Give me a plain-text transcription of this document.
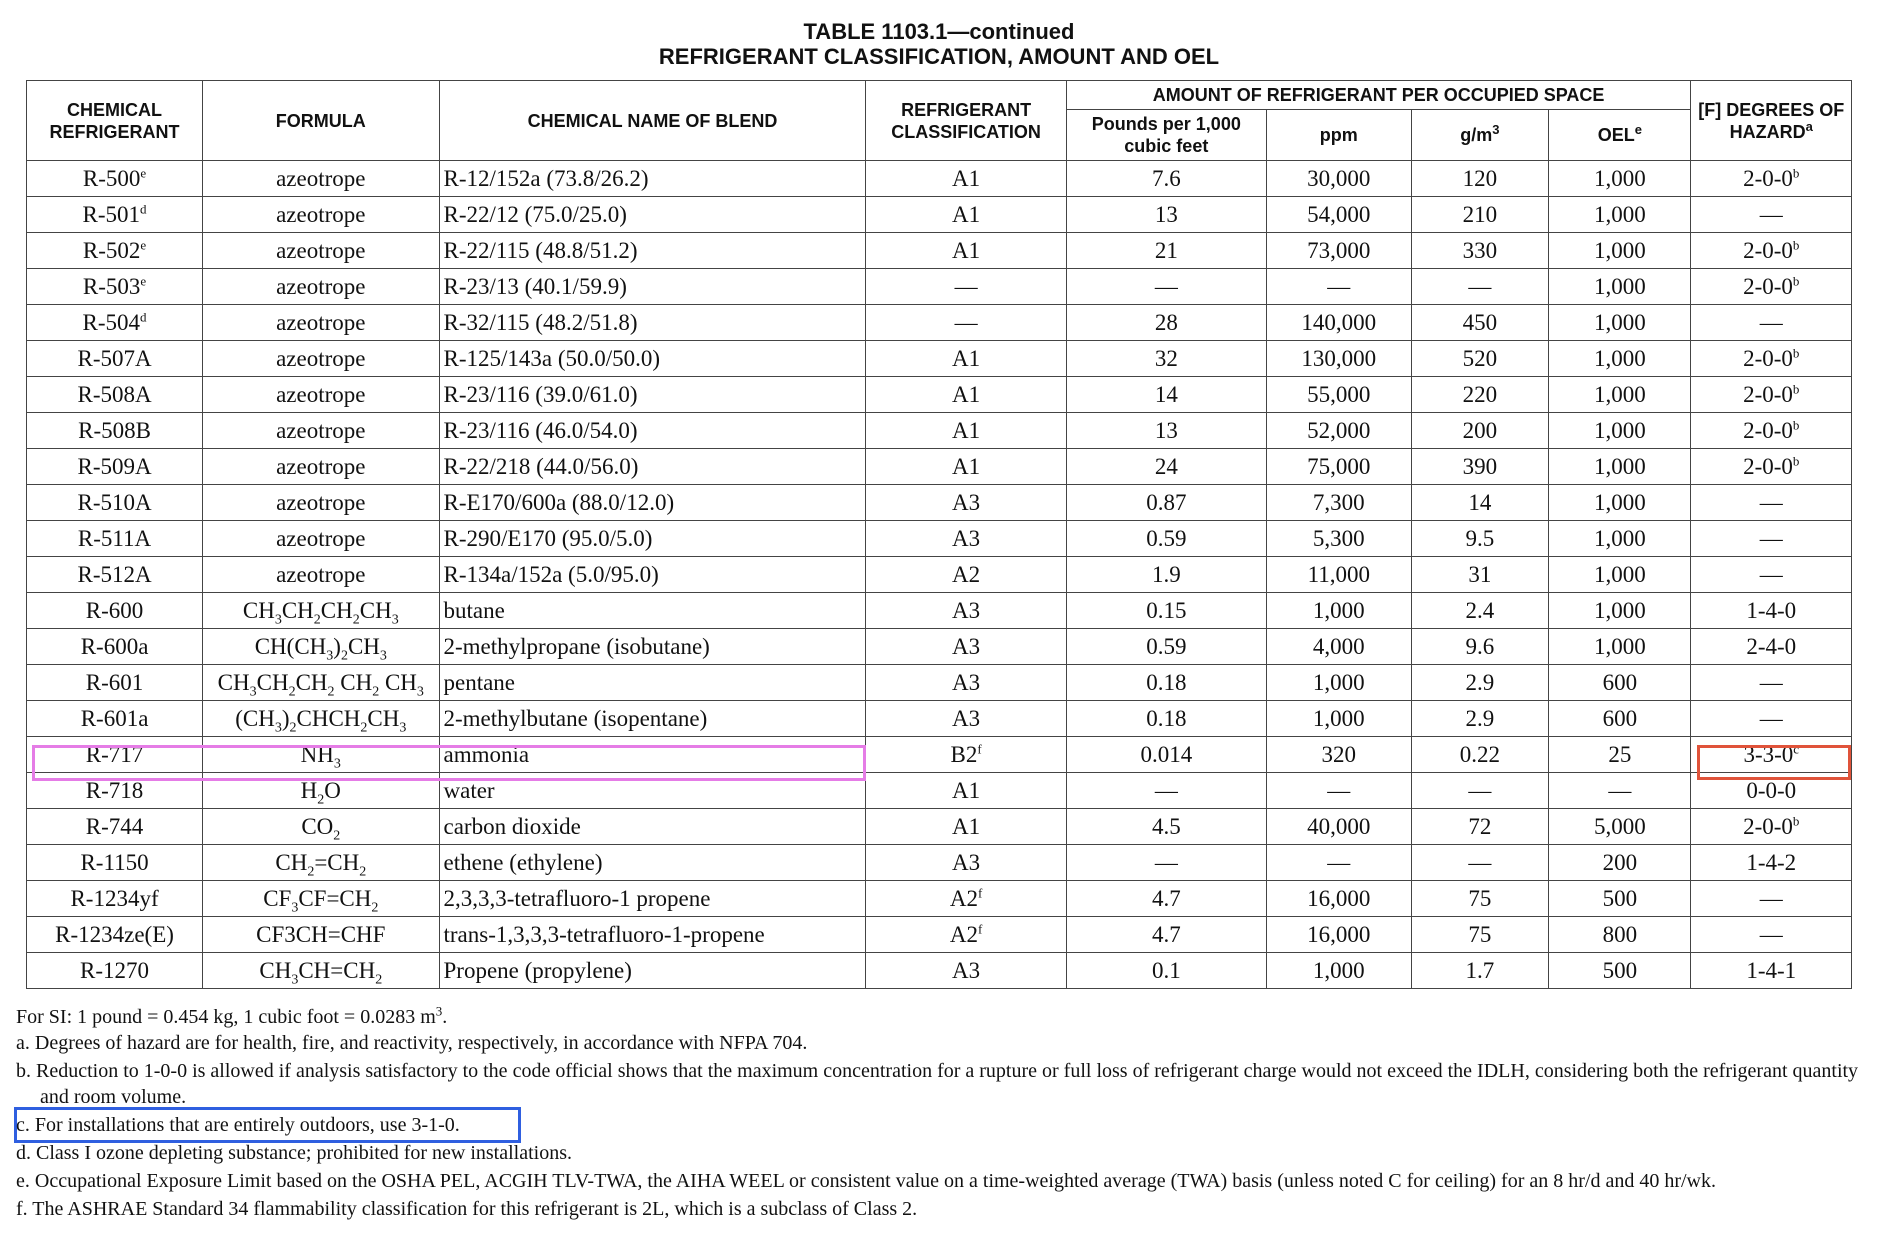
TABLE 1103.1—continued
REFRIGERANT CLASSIFICATION, AMOUNT AND OEL
CHEMICAL REFRIGERANT	FORMULA	CHEMICAL NAME OF BLEND	REFRIGERANT CLASSIFICATION	AMOUNT OF REFRIGERANT PER OCCUPIED SPACE				[F] DEGREES OF HAZARD$^a$
				Pounds per 1,000 cubic feet	ppm	$g/m^3$	OEL$^e$
R-500e	azeotrope	R-12/152a (73.8/26.2)	A1	7.6	30,000	120	1,000	2-0-0$^b$
R-501$^d$	azeotrope	R-22/12 (75.0/25.0)	A1	13	54,000	210	1,000	—
R-502e	azeotrope	R-22/115 (48.8/51.2)	A1	21	73,000	330	1,000	2-0-0$^b$
R-503e	azeotrope	R-23/13 (40.1/59.9)	—	—	—	—	1,000	2-0-0$^b$
R-504$^d$	azeotrope	R-32/115 (48.2/51.8)	—	28	140,000	450	1,000	—
R-507A	azeotrope	R-125/143a (50.0/50.0)	A1	32	130,000	520	1,000	2-0-0$^b$
R-508A	azeotrope	R-23/116 (39.0/61.0)	A1	14	55,000	220	1,000	2-0-0$^b$
R-508B	azeotrope	R-23/116 (46.0/54.0)	A1	13	52,000	200	1,000	2-0-0$^b$
R-509A	azeotrope	R-22/218 (44.0/56.0)	A1	24	75,000	390	1,000	2-0-0$^b$
R-510A	azeotrope	R-E170/600a (88.0/12.0)	A3	0.87	7,300	14	1,000	—
R-511A	azeotrope	R-290/E170 (95.0/5.0)	A3	0.59	5,300	9.5	1,000	—
R-512A	azeotrope	R-134a/152a (5.0/95.0)	A2	1.9	11,000	31	1,000	—
R-600	$CH_3CH_2CH_2CH_3$	butane	A3	0.15	1,000	2.4	1,000	1-4-0
R-600a	$CH(CH_3)_2CH_3$	2-methylpropane (isobutane)	A3	0.59	4,000	9.6	1,000	2-4-0
R-601	$CH_3CH_2CH_2$ $CH_2$ $CH_3$	pentane	A3	0.18	1,000	2.9	600	—
R-601a	$(CH_3)_2CHCH_2CH_3$	2-methylbutane (isopentane)	A3	0.18	1,000	2.9	600	—
R-717	$NH_3$	ammonia	B2$^f$	0.014	320	0.22	25	3-3-0$^c$
R-718	$H_2O$	water	A1	—	—	—	—	0-0-0
R-744	$CO_2$	carbon dioxide	A1	4.5	40,000	72	5,000	2-0-0$^b$
R-1150	$CH_2=CH_2$	ethene (ethylene)	A3	—	—	—	200	1-4-2
R-1234yf	$CF_3CF=CH_2$	2,3,3,3-tetrafluoro-1 propene	A2$^f$	4.7	16,000	75	500	—
R-1234ze(E)	CF3CH=CHF	trans-1,3,3,3-tetrafluoro-1-propene	A2$^f$	4.7	16,000	75	800	—
R-1270	$CH_3CH=CH_2$	Propene (propylene)	A3	0.1	1,000	1.7	500	1-4-1
For SI: 1 pound = 0.454 kg, 1 cubic foot = 0.0283 $m^3$.
a. Degrees of hazard are for health, fire, and reactivity, respectively, in accordance with NFPA 704.
b. Reduction to 1-0-0 is allowed if analysis satisfactory to the code official shows that the maximum concentration for a rupture or full loss of refrigerant charge would not exceed the IDLH, considering both the refrigerant quantity and room volume.
c. For installations that are entirely outdoors, use 3-1-0.
d. Class I ozone depleting substance; prohibited for new installations.
e. Occupational Exposure Limit based on the OSHA PEL, ACGIH TLV-TWA, the AIHA WEEL or consistent value on a time-weighted average (TWA) basis (unless noted C for ceiling) for an 8 hr/d and 40 hr/wk.
f. The ASHRAE Standard 34 flammability classification for this refrigerant is 2L, which is a subclass of Class 2.
